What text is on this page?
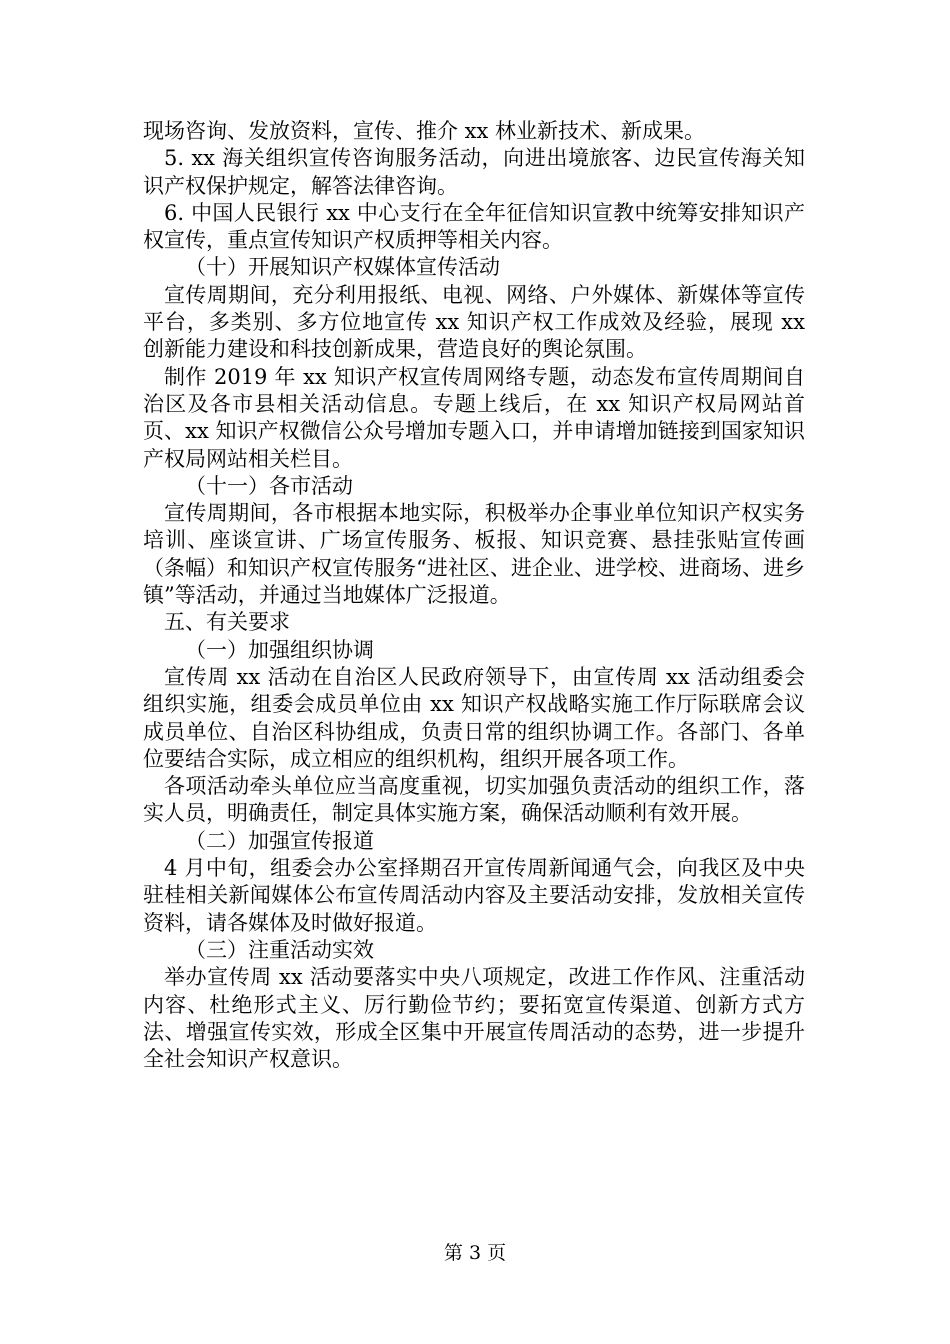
现场咨询、发放资料，宣传、推介 xx 林业新技术、新成果。

5. xx 海关组织宣传咨询服务活动，向进出境旅客、边民宣传海关知识产权保护规定，解答法律咨询。

6. 中国人民银行 xx 中心支行在全年征信知识宣教中统筹安排知识产权宣传，重点宣传知识产权质押等相关内容。

（十）开展知识产权媒体宣传活动

宣传周期间，充分利用报纸、电视、网络、户外媒体、新媒体等宣传平台，多类别、多方位地宣传 xx 知识产权工作成效及经验，展现 xx 创新能力建设和科技创新成果，营造良好的舆论氛围。

制作 2019 年 xx 知识产权宣传周网络专题，动态发布宣传周期间自治区及各市县相关活动信息。专题上线后，在 xx 知识产权局网站首页、xx 知识产权微信公众号增加专题入口，并申请增加链接到国家知识产权局网站相关栏目。

（十一）各市活动

宣传周期间，各市根据本地实际，积极举办企事业单位知识产权实务培训、座谈宣讲、广场宣传服务、板报、知识竞赛、悬挂张贴宣传画（条幅）和知识产权宣传服务“进社区、进企业、进学校、进商场、进乡镇”等活动，并通过当地媒体广泛报道。

五、有关要求

（一）加强组织协调

宣传周 xx 活动在自治区人民政府领导下，由宣传周 xx 活动组委会组织实施，组委会成员单位由 xx 知识产权战略实施工作厅际联席会议成员单位、自治区科协组成，负责日常的组织协调工作。各部门、各单位要结合实际，成立相应的组织机构，组织开展各项工作。

各项活动牵头单位应当高度重视，切实加强负责活动的组织工作，落实人员，明确责任，制定具体实施方案，确保活动顺利有效开展。

（二）加强宣传报道

4 月中旬，组委会办公室择期召开宣传周新闻通气会，向我区及中央驻桂相关新闻媒体公布宣传周活动内容及主要活动安排，发放相关宣传资料，请各媒体及时做好报道。

（三）注重活动实效

举办宣传周 xx 活动要落实中央八项规定，改进工作作风、注重活动内容、杜绝形式主义、厉行勤俭节约；要拓宽宣传渠道、创新方式方法、增强宣传实效，形成全区集中开展宣传周活动的态势，进一步提升全社会知识产权意识。

第 3 页
